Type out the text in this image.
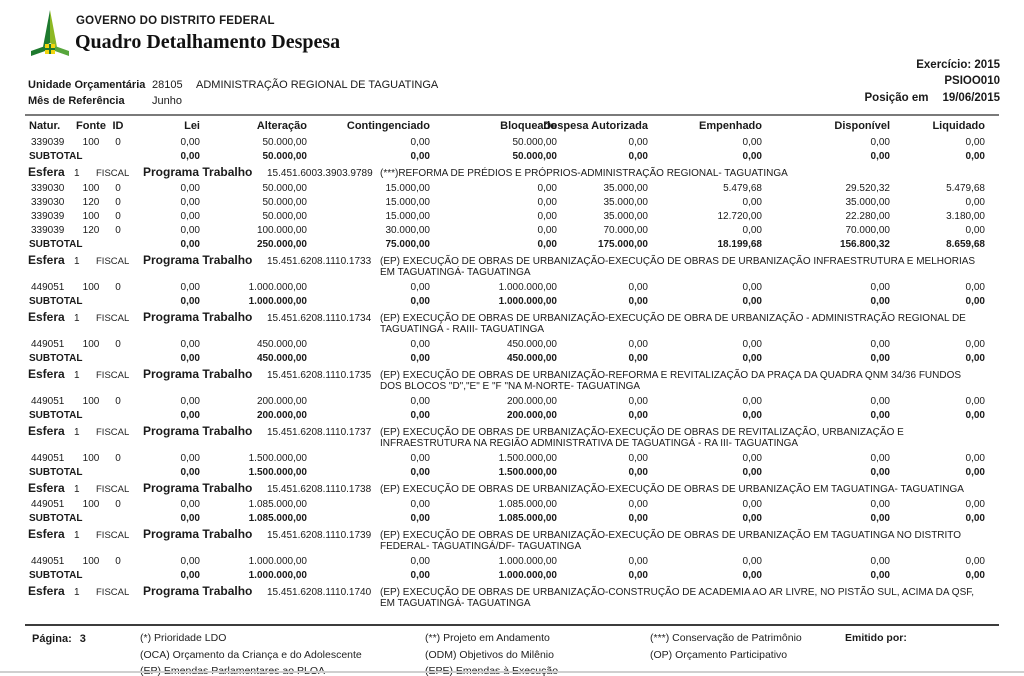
GOVERNO DO DISTRITO FEDERAL
Quadro Detalhamento Despesa
Exercício: 2015
PSIOO010
Posição em 19/06/2015
Unidade Orçamentária 28105 ADMINISTRAÇÃO REGIONAL DE TAGUATINGA
Mês de Referência Junho
Natur. Fonte ID	Lei	Alteração	Contingenciado	Bloqueado
Despesa Autorizada	Empenhado	Disponível	Liquidado
339039	100	0	0,00	50.000,00	0,00	50.000,00	0,00	0,00	0,00	0,00
SUBTOTAL	0,00	50.000,00	0,00	50.000,00	0,00	0,00	0,00	0,00
Esfera 1	FISCAL	Programa Trabalho	15.451.6003.3903.9789 (***)REFORMA DE PRÉDIOS E PRÓPRIOS-ADMINISTRAÇÃO REGIONAL- TAGUATINGA
339030	100	0	0,00	50.000,00	15.000,00	0,00	35.000,00	5.479,68	29.520,32	5.479,68
339030	120	0	0,00	50.000,00	15.000,00	0,00	35.000,00	0,00	35.000,00	0,00
339039	100	0	0,00	50.000,00	15.000,00	0,00	35.000,00	12.720,00	22.280,00	3.180,00
339039	120	0	0,00	100.000,00	30.000,00	0,00	70.000,00	0,00	70.000,00	0,00
SUBTOTAL	0,00	250.000,00	75.000,00	0,00	175.000,00	18.199,68	156.800,32	8.659,68
Esfera 1	FISCAL	Programa Trabalho	15.451.6208.1110.1733 (EP) EXECUÇÃO DE OBRAS DE URBANIZAÇÃO-EXECUÇÃO DE OBRAS DE URBANIZAÇÃO INFRAESTRUTURA E MELHORIAS EM TAGUATINGÁ- TAGUATINGA
449051	100	0	0,00	1.000.000,00	0,00	1.000.000,00	0,00	0,00	0,00	0,00
SUBTOTAL	0,00	1.000.000,00	0,00	1.000.000,00	0,00	0,00	0,00	0,00
Esfera 1	FISCAL	Programa Trabalho	15.451.6208.1110.1734 (EP) EXECUÇÃO DE OBRAS DE URBANIZAÇÃO-EXECUÇÃO DE OBRA DE URBANIZAÇÃO - ADMINISTRAÇÃO REGIONAL DE TAGUATINGÁ - RAIII- TAGUATINGA
449051	100	0	0,00	450.000,00	0,00	450.000,00	0,00	0,00	0,00	0,00
SUBTOTAL	0,00	450.000,00	0,00	450.000,00	0,00	0,00	0,00	0,00
Esfera 1	FISCAL	Programa Trabalho	15.451.6208.1110.1735 (EP) EXECUÇÃO DE OBRAS DE URBANIZAÇÃO-REFORMA E REVITALIZAÇÃO DA PRAÇA DA QUADRA QNM 34/36 FUNDOS DOS BLOCOS "D","E" E "F "NA M-NORTE- TAGUATINGA
449051	100	0	0,00	200.000,00	0,00	200.000,00	0,00	0,00	0,00	0,00
SUBTOTAL	0,00	200.000,00	0,00	200.000,00	0,00	0,00	0,00	0,00
Esfera 1	FISCAL	Programa Trabalho	15.451.6208.1110.1737 (EP) EXECUÇÃO DE OBRAS DE URBANIZAÇÃO-EXECUÇÃO DE OBRAS DE REVITALIZAÇÃO, URBANIZAÇÃO E INFRAESTRUTURA NA REGIÃO ADMINISTRATIVA DE TAGUATINGÁ - RA III- TAGUATINGA
449051	100	0	0,00	1.500.000,00	0,00	1.500.000,00	0,00	0,00	0,00	0,00
SUBTOTAL	0,00	1.500.000,00	0,00	1.500.000,00	0,00	0,00	0,00	0,00
Esfera 1	FISCAL	Programa Trabalho	15.451.6208.1110.1738 (EP) EXECUÇÃO DE OBRAS DE URBANIZAÇÃO-EXECUÇÃO DE OBRAS DE URBANIZAÇÃO EM TAGUATINGA- TAGUATINGA
449051	100	0	0,00	1.085.000,00	0,00	1.085.000,00	0,00	0,00	0,00	0,00
SUBTOTAL	0,00	1.085.000,00	0,00	1.085.000,00	0,00	0,00	0,00	0,00
Esfera 1	FISCAL	Programa Trabalho	15.451.6208.1110.1739 (EP) EXECUÇÃO DE OBRAS DE URBANIZAÇÃO-EXECUÇÃO DE OBRAS DE URBANIZAÇÃO EM TAGUATINGA NO DISTRITO FEDERAL- TAGUATINGÁ/DF- TAGUATINGA
449051	100	0	0,00	1.000.000,00	0,00	1.000.000,00	0,00	0,00	0,00	0,00
SUBTOTAL	0,00	1.000.000,00	0,00	1.000.000,00	0,00	0,00	0,00	0,00
Esfera 1	FISCAL	Programa Trabalho	15.451.6208.1110.1740 (EP) EXECUÇÃO DE OBRAS DE URBANIZAÇÃO-CONSTRUÇÃO DE ACADEMIA AO AR LIVRE, NO PISTÃO SUL, ACIMA DA QSF, EM TAGUATINGÁ- TAGUATINGA
Página: 3	(*) Prioridade LDO
(OCA) Orçamento da Criança e do Adolescente
(EP) Emendas Parlamentares ao PLOA
(**) Projeto em Andamento
(ODM) Objetivos do Milênio
(EPE) Emendas à Execução
(***) Conservação de Patrimônio
(OP) Orçamento Participativo
Emitido por:
